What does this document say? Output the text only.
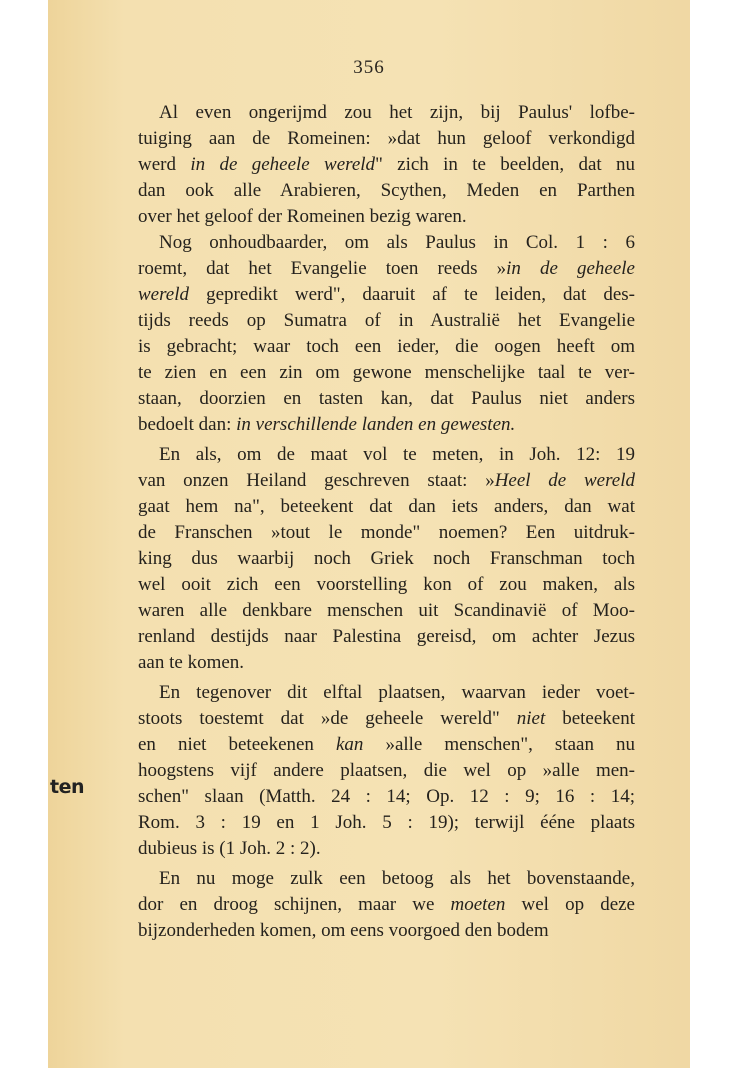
356
Al even ongerijmd zou het zijn, bij Paulus' lofbe-
tuiging aan de Romeinen: »dat hun geloof verkondigd
werd in de geheele wereld" zich in te beelden, dat nu
dan ook alle Arabieren, Scythen, Meden en Parthen
over het geloof der Romeinen bezig waren.
Nog onhoudbaarder, om als Paulus in Col. 1 : 6
roemt, dat het Evangelie toen reeds »in de geheele
wereld gepredikt werd", daaruit af te leiden, dat des-
tijds reeds op Sumatra of in Australië het Evangelie
is gebracht; waar toch een ieder, die oogen heeft om
te zien en een zin om gewone menschelijke taal te ver-
staan, doorzien en tasten kan, dat Paulus niet anders
bedoelt dan: in verschillende landen en gewesten.
En als, om de maat vol te meten, in Joh. 12: 19
van onzen Heiland geschreven staat: »Heel de wereld
gaat hem na", beteekent dat dan iets anders, dan wat
de Franschen »tout le monde" noemen? Een uitdruk-
king dus waarbij noch Griek noch Franschman toch
wel ooit zich een voorstelling kon of zou maken, als
waren alle denkbare menschen uit Scandinavië of Moo-
renland destijds naar Palestina gereisd, om achter Jezus
aan te komen.
En tegenover dit elftal plaatsen, waarvan ieder voet-
stoots toestemt dat »de geheele wereld" niet beteekent
en niet beteekenen kan »alle menschen", staan nu
hoogstens vijf andere plaatsen, die wel op »alle men-
schen" slaan (Matth. 24 : 14; Op. 12 : 9; 16 : 14;
Rom. 3 : 19 en 1 Joh. 5 : 19); terwijl ééne plaats
dubieus is (1 Joh. 2 : 2).
En nu moge zulk een betoog als het bovenstaande,
dor en droog schijnen, maar we moeten wel op deze
bijzonderheden komen, om eens voorgoed den bodem
ten
